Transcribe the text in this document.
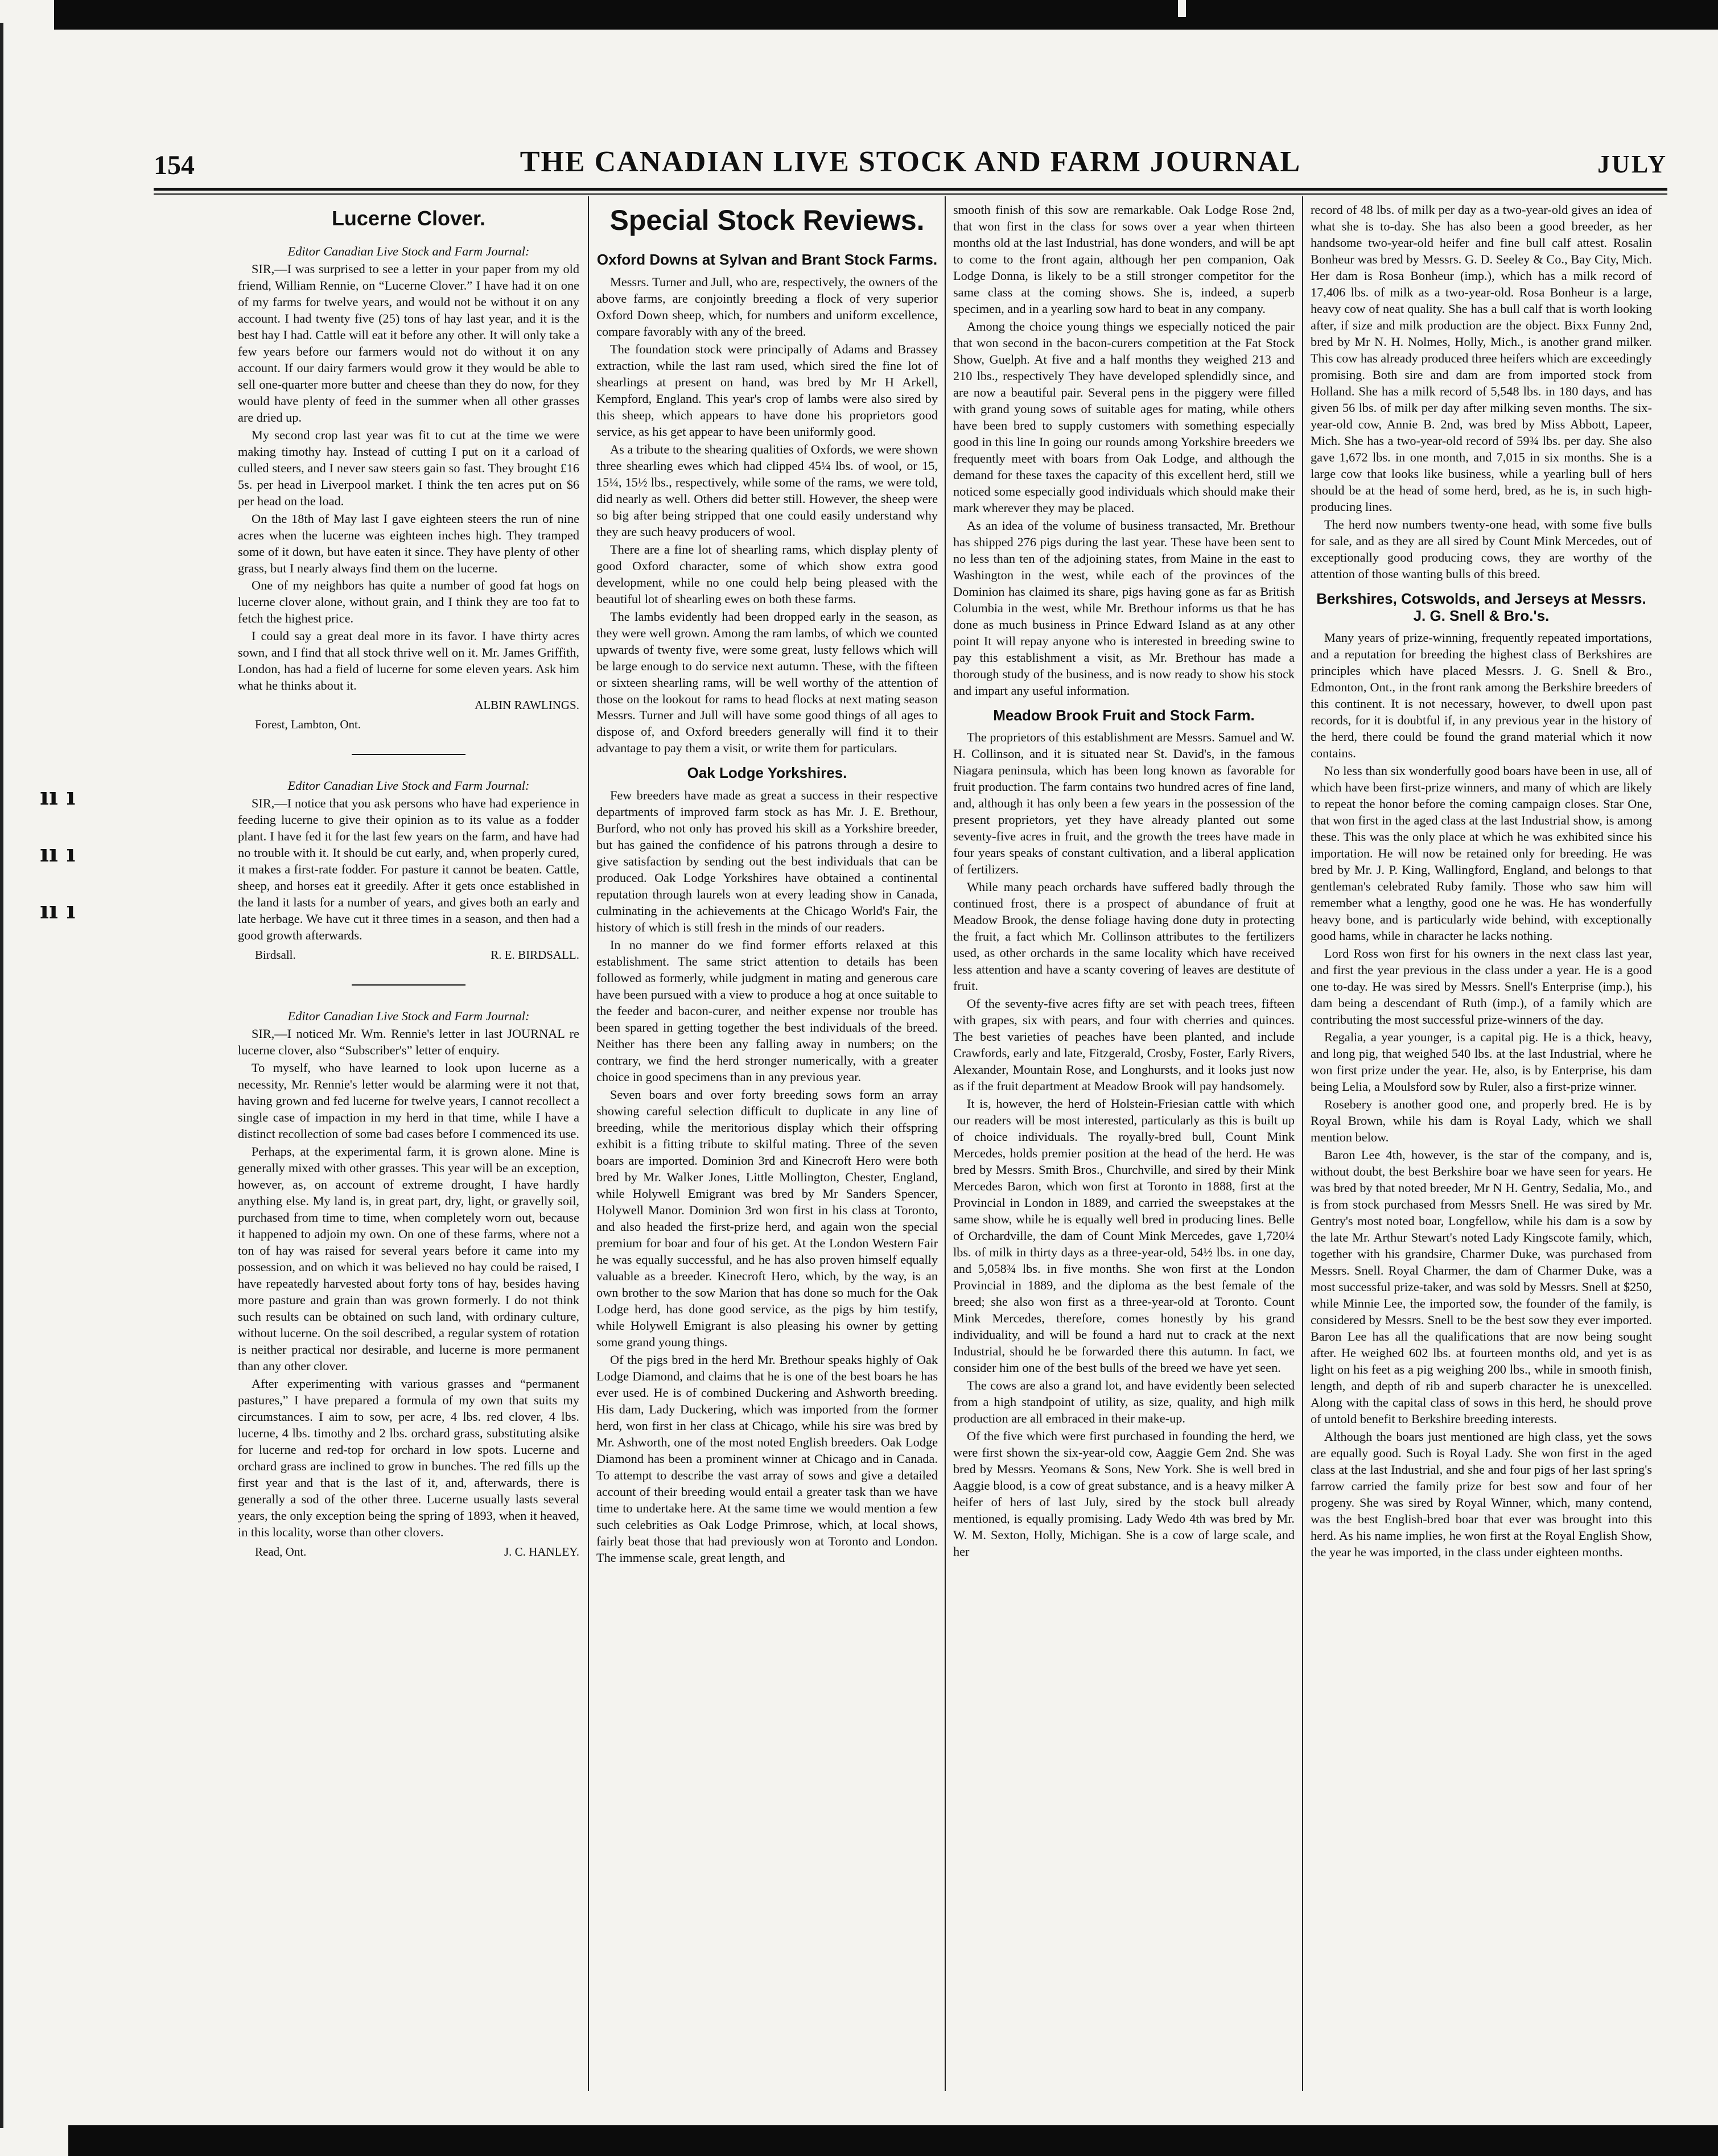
ıı ı
ıı ı
ıı ı
154	THE CANADIAN LIVE STOCK AND FARM JOURNAL	JULY
Lucerne Clover.

Editor Canadian Live Stock and Farm Journal:

SIR,—I was surprised to see a letter in your paper from my old friend, William Rennie, on “Lucerne Clover.” I have had it on one of my farms for twelve years, and would not be without it on any account. I had twenty five (25) tons of hay last year, and it is the best hay I had. Cattle will eat it before any other. It will only take a few years before our farmers would not do without it on any account. If our dairy farmers would grow it they would be able to sell one-quarter more butter and cheese than they do now, for they would have plenty of feed in the summer when all other grasses are dried up.

My second crop last year was fit to cut at the time we were making timothy hay. Instead of cutting I put on it a carload of culled steers, and I never saw steers gain so fast. They brought £16 5s. per head in Liverpool market. I think the ten acres put on $6 per head on the load.

On the 18th of May last I gave eighteen steers the run of nine acres when the lucerne was eighteen inches high. They tramped some of it down, but have eaten it since. They have plenty of other grass, but I nearly always find them on the lucerne.

One of my neighbors has quite a number of good fat hogs on lucerne clover alone, without grain, and I think they are too fat to fetch the highest price.

I could say a great deal more in its favor. I have thirty acres sown, and I find that all stock thrive well on it. Mr. James Griffith, London, has had a field of lucerne for some eleven years. Ask him what he thinks about it.

ALBIN RAWLINGS.
Forest, Lambton, Ont.

Editor Canadian Live Stock and Farm Journal:

SIR,—I notice that you ask persons who have had experience in feeding lucerne to give their opinion as to its value as a fodder plant. I have fed it for the last few years on the farm, and have had no trouble with it. It should be cut early, and, when properly cured, it makes a first-rate fodder. For pasture it cannot be beaten. Cattle, sheep, and horses eat it greedily. After it gets once established in the land it lasts for a number of years, and gives both an early and late herbage. We have cut it three times in a season, and then had a good growth afterwards.

Birdsall.	R. E. BIRDSALL.

Editor Canadian Live Stock and Farm Journal:

SIR,—I noticed Mr. Wm. Rennie's letter in last JOURNAL re lucerne clover, also “Subscriber's” letter of enquiry.

To myself, who have learned to look upon lucerne as a necessity, Mr. Rennie's letter would be alarming were it not that, having grown and fed lucerne for twelve years, I cannot recollect a single case of impaction in my herd in that time, while I have a distinct recollection of some bad cases before I commenced its use.

Perhaps, at the experimental farm, it is grown alone. Mine is generally mixed with other grasses. This year will be an exception, however, as, on account of extreme drought, I have hardly anything else. My land is, in great part, dry, light, or gravelly soil, purchased from time to time, when completely worn out, because it happened to adjoin my own. On one of these farms, where not a ton of hay was raised for several years before it came into my possession, and on which it was believed no hay could be raised, I have repeatedly harvested about forty tons of hay, besides having more pasture and grain than was grown formerly. I do not think such results can be obtained on such land, with ordinary culture, without lucerne. On the soil described, a regular system of rotation is neither practical nor desirable, and lucerne is more permanent than any other clover.

After experimenting with various grasses and “permanent pastures,” I have prepared a formula of my own that suits my circumstances. I aim to sow, per acre, 4 lbs. red clover, 4 lbs. lucerne, 4 lbs. timothy and 2 lbs. orchard grass, substituting alsike for lucerne and red-top for orchard in low spots. Lucerne and orchard grass are inclined to grow in bunches. The red fills up the first year and that is the last of it, and, afterwards, there is generally a sod of the other three. Lucerne usually lasts several years, the only exception being the spring of 1893, when it heaved, in this locality, worse than other clovers.

Read, Ont.	J. C. HANLEY.
Special Stock Reviews.
Oxford Downs at Sylvan and Brant Stock Farms.

Messrs. Turner and Jull, who are, respectively, the owners of the above farms, are conjointly breeding a flock of very superior Oxford Down sheep, which, for numbers and uniform excellence, compare favorably with any of the breed.

The foundation stock were principally of Adams and Brassey extraction, while the last ram used, which sired the fine lot of shearlings at present on hand, was bred by Mr H Arkell, Kempford, England. This year's crop of lambs were also sired by this sheep, which appears to have done his proprietors good service, as his get appear to have been uniformly good.

As a tribute to the shearing qualities of Oxfords, we were shown three shearling ewes which had clipped 45¼ lbs. of wool, or 15, 15¼, 15½ lbs., respectively, while some of the rams, we were told, did nearly as well. Others did better still. However, the sheep were so big after being stripped that one could easily understand why they are such heavy producers of wool.

There are a fine lot of shearling rams, which display plenty of good Oxford character, some of which show extra good development, while no one could help being pleased with the beautiful lot of shearling ewes on both these farms.

The lambs evidently had been dropped early in the season, as they were well grown. Among the ram lambs, of which we counted upwards of twenty five, were some great, lusty fellows which will be large enough to do service next autumn. These, with the fifteen or sixteen shearling rams, will be well worthy of the attention of those on the lookout for rams to head flocks at next mating season Messrs. Turner and Jull will have some good things of all ages to dispose of, and Oxford breeders generally will find it to their advantage to pay them a visit, or write them for particulars.

Oak Lodge Yorkshires.

Few breeders have made as great a success in their respective departments of improved farm stock as has Mr. J. E. Brethour, Burford, who not only has proved his skill as a Yorkshire breeder, but has gained the confidence of his patrons through a desire to give satisfaction by sending out the best individuals that can be produced. Oak Lodge Yorkshires have obtained a continental reputation through laurels won at every leading show in Canada, culminating in the achievements at the Chicago World's Fair, the history of which is still fresh in the minds of our readers.

In no manner do we find former efforts relaxed at this establishment. The same strict attention to details has been followed as formerly, while judgment in mating and generous care have been pursued with a view to produce a hog at once suitable to the feeder and bacon-curer, and neither expense nor trouble has been spared in getting together the best individuals of the breed. Neither has there been any falling away in numbers; on the contrary, we find the herd stronger numerically, with a greater choice in good specimens than in any previous year.

Seven boars and over forty breeding sows form an array showing careful selection difficult to duplicate in any line of breeding, while the meritorious display which their offspring exhibit is a fitting tribute to skilful mating. Three of the seven boars are imported. Dominion 3rd and Kinecroft Hero were both bred by Mr. Walker Jones, Little Mollington, Chester, England, while Holywell Emigrant was bred by Mr Sanders Spencer, Holywell Manor. Dominion 3rd won first in his class at Toronto, and also headed the first-prize herd, and again won the special premium for boar and four of his get. At the London Western Fair he was equally successful, and he has also proven himself equally valuable as a breeder. Kinecroft Hero, which, by the way, is an own brother to the sow Marion that has done so much for the Oak Lodge herd, has done good service, as the pigs by him testify, while Holywell Emigrant is also pleasing his owner by getting some grand young things.

Of the pigs bred in the herd Mr. Brethour speaks highly of Oak Lodge Diamond, and claims that he is one of the best boars he has ever used. He is of combined Duckering and Ashworth breeding. His dam, Lady Duckering, which was imported from the former herd, won first in her class at Chicago, while his sire was bred by Mr. Ashworth, one of the most noted English breeders. Oak Lodge Diamond has been a prominent winner at Chicago and in Canada. To attempt to describe the vast array of sows and give a detailed account of their breeding would entail a greater task than we have time to undertake here. At the same time we would mention a few such celebrities as Oak Lodge Primrose, which, at local shows, fairly beat those that had previously won at Toronto and London. The immense scale, great length, and

smooth finish of this sow are remarkable. Oak Lodge Rose 2nd, that won first in the class for sows over a year when thirteen months old at the last Industrial, has done wonders, and will be apt to come to the front again, although her pen companion, Oak Lodge Donna, is likely to be a still stronger competitor for the same class at the coming shows. She is, indeed, a superb specimen, and in a yearling sow hard to beat in any company.

Among the choice young things we especially noticed the pair that won second in the bacon-curers competition at the Fat Stock Show, Guelph. At five and a half months they weighed 213 and 210 lbs., respectively They have developed splendidly since, and are now a beautiful pair. Several pens in the piggery were filled with grand young sows of suitable ages for mating, while others have been bred to supply customers with something especially good in this line In going our rounds among Yorkshire breeders we frequently meet with boars from Oak Lodge, and although the demand for these taxes the capacity of this excellent herd, still we noticed some especially good individuals which should make their mark wherever they may be placed.

As an idea of the volume of business transacted, Mr. Brethour has shipped 276 pigs during the last year. These have been sent to no less than ten of the adjoining states, from Maine in the east to Washington in the west, while each of the provinces of the Dominion has claimed its share, pigs having gone as far as British Columbia in the west, while Mr. Brethour informs us that he has done as much business in Prince Edward Island as at any other point It will repay anyone who is interested in breeding swine to pay this establishment a visit, as Mr. Brethour has made a thorough study of the business, and is now ready to show his stock and impart any useful information.

Meadow Brook Fruit and Stock Farm.

The proprietors of this establishment are Messrs. Samuel and W. H. Collinson, and it is situated near St. David's, in the famous Niagara peninsula, which has been long known as favorable for fruit production. The farm contains two hundred acres of fine land, and, although it has only been a few years in the possession of the present proprietors, yet they have already planted out some seventy-five acres in fruit, and the growth the trees have made in four years speaks of constant cultivation, and a liberal application of fertilizers.

While many peach orchards have suffered badly through the continued frost, there is a prospect of abundance of fruit at Meadow Brook, the dense foliage having done duty in protecting the fruit, a fact which Mr. Collinson attributes to the fertilizers used, as other orchards in the same locality which have received less attention and have a scanty covering of leaves are destitute of fruit.

Of the seventy-five acres fifty are set with peach trees, fifteen with grapes, six with pears, and four with cherries and quinces. The best varieties of peaches have been planted, and include Crawfords, early and late, Fitzgerald, Crosby, Foster, Early Rivers, Alexander, Mountain Rose, and Longhursts, and it looks just now as if the fruit department at Meadow Brook will pay handsomely.

It is, however, the herd of Holstein-Friesian cattle with which our readers will be most interested, particularly as this is built up of choice individuals. The royally-bred bull, Count Mink Mercedes, holds premier position at the head of the herd. He was bred by Messrs. Smith Bros., Churchville, and sired by their Mink Mercedes Baron, which won first at Toronto in 1888, first at the Provincial in London in 1889, and carried the sweepstakes at the same show, while he is equally well bred in producing lines. Belle of Orchardville, the dam of Count Mink Mercedes, gave 1,720¼ lbs. of milk in thirty days as a three-year-old, 54½ lbs. in one day, and 5,058¾ lbs. in five months. She won first at the London Provincial in 1889, and the diploma as the best female of the breed; she also won first as a three-year-old at Toronto. Count Mink Mercedes, therefore, comes honestly by his grand individuality, and will be found a hard nut to crack at the next Industrial, should he be forwarded there this autumn. In fact, we consider him one of the best bulls of the breed we have yet seen.

The cows are also a grand lot, and have evidently been selected from a high standpoint of utility, as size, quality, and high milk production are all embraced in their make-up.

Of the five which were first purchased in founding the herd, we were first shown the six-year-old cow, Aaggie Gem 2nd. She was bred by Messrs. Yeomans & Sons, New York. She is well bred in Aaggie blood, is a cow of great substance, and is a heavy milker A heifer of hers of last July, sired by the stock bull already mentioned, is equally promising. Lady Wedo 4th was bred by Mr. W. M. Sexton, Holly, Michigan. She is a cow of large scale, and her

record of 48 lbs. of milk per day as a two-year-old gives an idea of what she is to-day. She has also been a good breeder, as her handsome two-year-old heifer and fine bull calf attest. Rosalin Bonheur was bred by Messrs. G. D. Seeley & Co., Bay City, Mich. Her dam is Rosa Bonheur (imp.), which has a milk record of 17,406 lbs. of milk as a two-year-old. Rosa Bonheur is a large, heavy cow of neat quality. She has a bull calf that is worth looking after, if size and milk production are the object. Bixx Funny 2nd, bred by Mr N. H. Nolmes, Holly, Mich., is another grand milker. This cow has already produced three heifers which are exceedingly promising. Both sire and dam are from imported stock from Holland. She has a milk record of 5,548 lbs. in 180 days, and has given 56 lbs. of milk per day after milking seven months. The six-year-old cow, Annie B. 2nd, was bred by Miss Abbott, Lapeer, Mich. She has a two-year-old record of 59¾ lbs. per day. She also gave 1,672 lbs. in one month, and 7,015 in six months. She is a large cow that looks like business, while a yearling bull of hers should be at the head of some herd, bred, as he is, in such high-producing lines.

The herd now numbers twenty-one head, with some five bulls for sale, and as they are all sired by Count Mink Mercedes, out of exceptionally good producing cows, they are worthy of the attention of those wanting bulls of this breed.

Berkshires, Cotswolds, and Jerseys at Messrs. J. G. Snell & Bro.'s.

Many years of prize-winning, frequently repeated importations, and a reputation for breeding the highest class of Berkshires are principles which have placed Messrs. J. G. Snell & Bro., Edmonton, Ont., in the front rank among the Berkshire breeders of this continent. It is not necessary, however, to dwell upon past records, for it is doubtful if, in any previous year in the history of the herd, there could be found the grand material which it now contains.

No less than six wonderfully good boars have been in use, all of which have been first-prize winners, and many of which are likely to repeat the honor before the coming campaign closes. Star One, that won first in the aged class at the last Industrial show, is among these. This was the only place at which he was exhibited since his importation. He will now be retained only for breeding. He was bred by Mr. J. P. King, Wallingford, England, and belongs to that gentleman's celebrated Ruby family. Those who saw him will remember what a lengthy, good one he was. He has wonderfully heavy bone, and is particularly wide behind, with exceptionally good hams, while in character he lacks nothing.

Lord Ross won first for his owners in the next class last year, and first the year previous in the class under a year. He is a good one to-day. He was sired by Messrs. Snell's Enterprise (imp.), his dam being a descendant of Ruth (imp.), of a family which are contributing the most successful prize-winners of the day.

Regalia, a year younger, is a capital pig. He is a thick, heavy, and long pig, that weighed 540 lbs. at the last Industrial, where he won first prize under the year. He, also, is by Enterprise, his dam being Lelia, a Moulsford sow by Ruler, also a first-prize winner.

Rosebery is another good one, and properly bred. He is by Royal Brown, while his dam is Royal Lady, which we shall mention below.

Baron Lee 4th, however, is the star of the company, and is, without doubt, the best Berkshire boar we have seen for years. He was bred by that noted breeder, Mr N H. Gentry, Sedalia, Mo., and is from stock purchased from Messrs Snell. He was sired by Mr. Gentry's most noted boar, Longfellow, while his dam is a sow by the late Mr. Arthur Stewart's noted Lady Kingscote family, which, together with his grandsire, Charmer Duke, was purchased from Messrs. Snell. Royal Charmer, the dam of Charmer Duke, was a most successful prize-taker, and was sold by Messrs. Snell at $250, while Minnie Lee, the imported sow, the founder of the family, is considered by Messrs. Snell to be the best sow they ever imported. Baron Lee has all the qualifications that are now being sought after. He weighed 602 lbs. at fourteen months old, and yet is as light on his feet as a pig weighing 200 lbs., while in smooth finish, length, and depth of rib and superb character he is unexcelled. Along with the capital class of sows in this herd, he should prove of untold benefit to Berkshire breeding interests.

Although the boars just mentioned are high class, yet the sows are equally good. Such is Royal Lady. She won first in the aged class at the last Industrial, and she and four pigs of her last spring's farrow carried the family prize for best sow and four of her progeny. She was sired by Royal Winner, which, many contend, was the best English-bred boar that ever was brought into this herd. As his name implies, he won first at the Royal English Show, the year he was imported, in the class under eighteen months.
